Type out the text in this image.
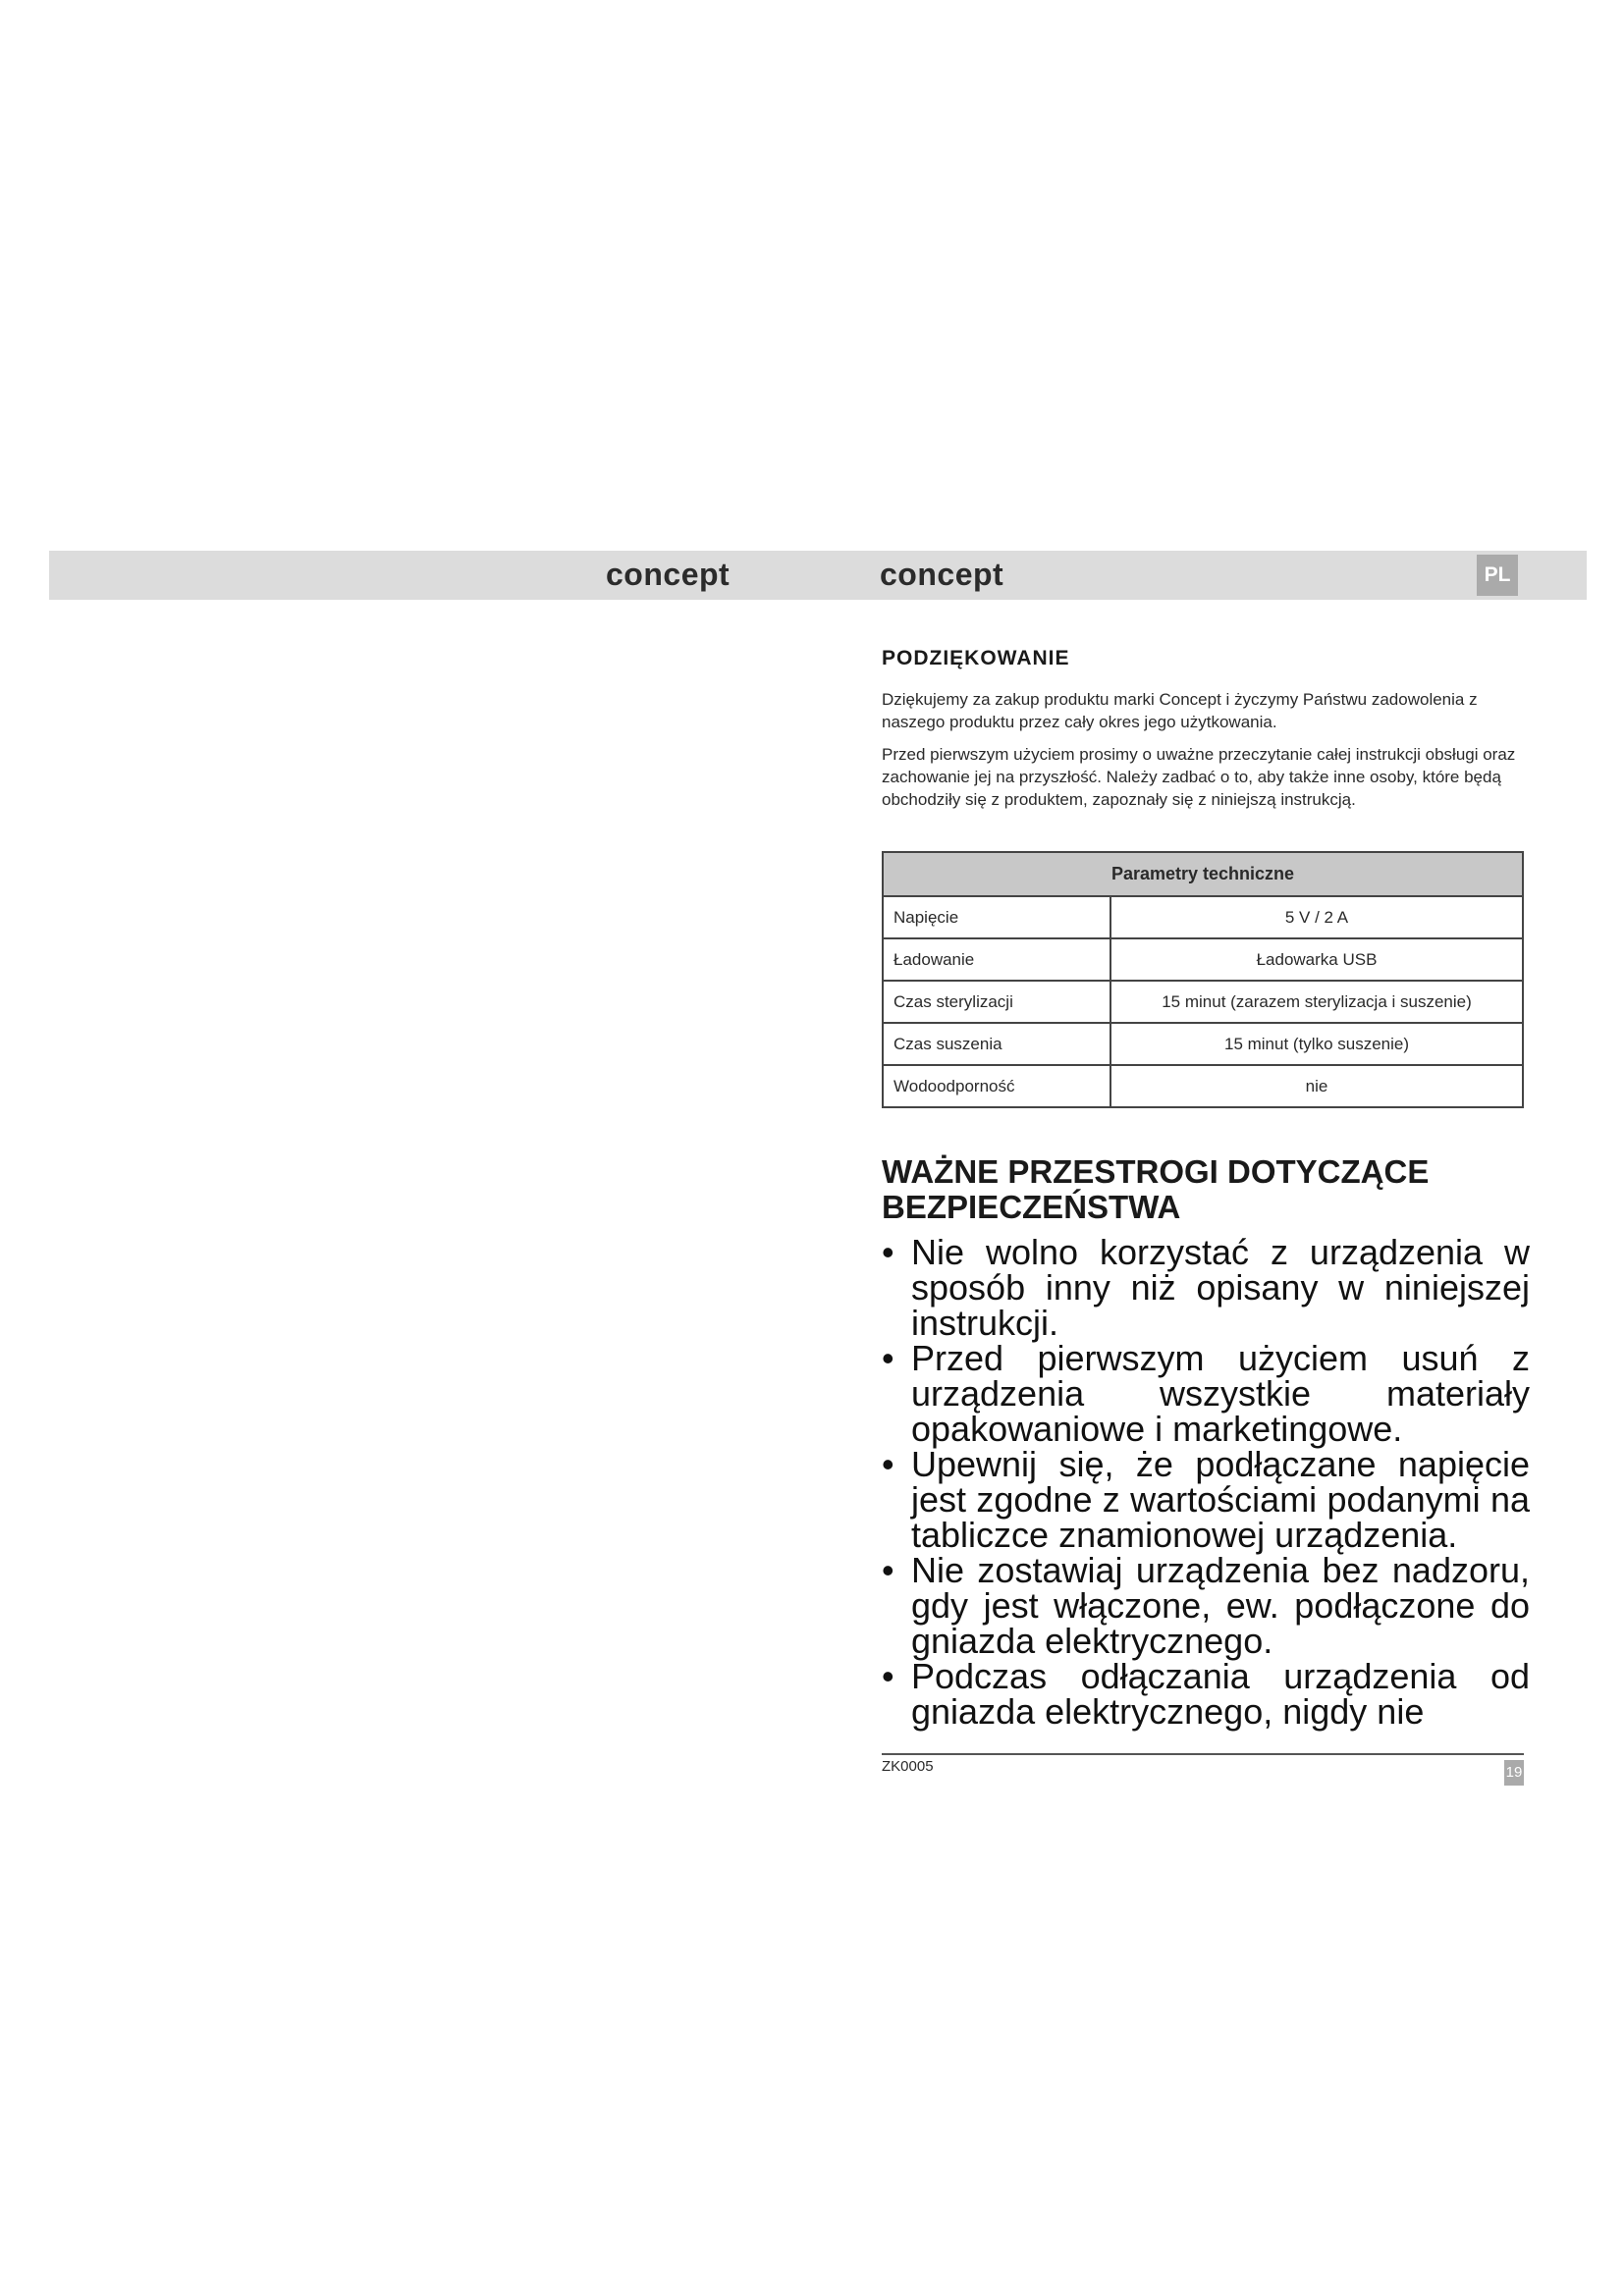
concept	concept	PL
PODZIĘKOWANIE

Dziękujemy za zakup produktu marki Concept i życzymy Państwu zadowolenia z naszego produktu przez cały okres jego użytkowania.

Przed pierwszym użyciem prosimy o uważne przeczytanie całej instrukcji obsługi oraz zachowanie jej na przyszłość. Należy zadbać o to, aby także inne osoby, które będą obchodziły się z produktem, zapoznały się z niniejszą instrukcją.

Parametry techniczne	
Napięcie	5 V / 2 A
Ładowanie	Ładowarka USB
Czas sterylizacji	15 minut (zarazem sterylizacja i suszenie)
Czas suszenia	15 minut (tylko suszenie)
Wodoodporność	nie
WAŻNE PRZESTROGI DOTYCZĄCE
BEZPIECZEŃSTWA
• Nie wolno korzystać z urządzenia w sposób inny niż opisany w niniejszej instrukcji.
• Przed pierwszym użyciem usuń z urządzenia wszystkie materiały opakowaniowe i marketingowe.
• Upewnij się, że podłączane napięcie jest zgodne z wartościami podanymi na tabliczce znamionowej urządzenia.
• Nie zostawiaj urządzenia bez nadzoru, gdy jest włączone, ew. podłączone do gniazda elektrycznego.
• Podczas odłączania urządzenia od gniazda elektrycznego, nigdy nie
ZK0005	19
